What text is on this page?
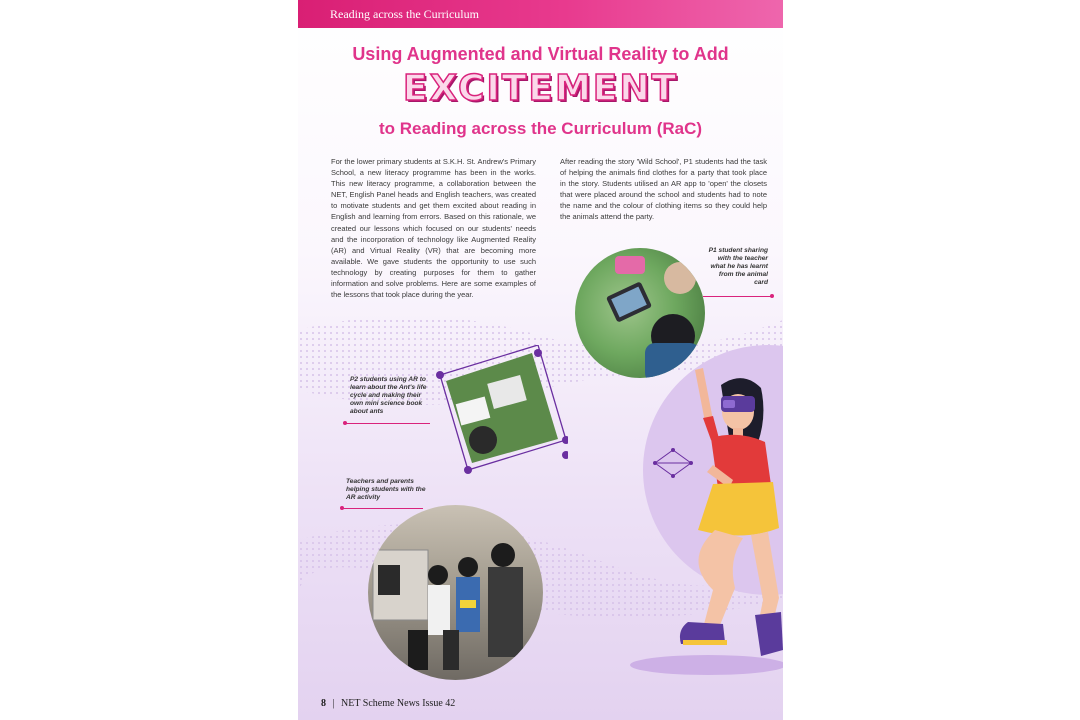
Reading across the Curriculum
Using Augmented and Virtual Reality to Add
EXCITEMENT
to Reading across the Curriculum (RaC)
For the lower primary students at S.K.H. St. Andrew's Primary School, a new literacy programme has been in the works. This new literacy programme, a collaboration between the NET, English Panel heads and English teachers, was created to motivate students and get them excited about reading in English and learning from errors. Based on this rationale, we created our lessons which focused on our students' needs and the incorporation of technology like Augmented Reality (AR) and Virtual Reality (VR) that are becoming more available. We gave students the opportunity to use such technology by creating purposes for them to gather information and solve problems. Here are some examples of the lessons that took place during the year.
After reading the story 'Wild School', P1 students had the task of helping the animals find clothes for a party that took place in the story. Students utilised an AR app to 'open' the closets that were placed around the school and students had to note the name and the colour of clothing items so they could help the animals attend the party.
P1 student sharing with the teacher what he has learnt from the animal card
P2 students using AR to learn about the Ant's life cycle and making their own mini science book about ants
Teachers and parents helping students with the AR activity
8 | NET Scheme News Issue 42
